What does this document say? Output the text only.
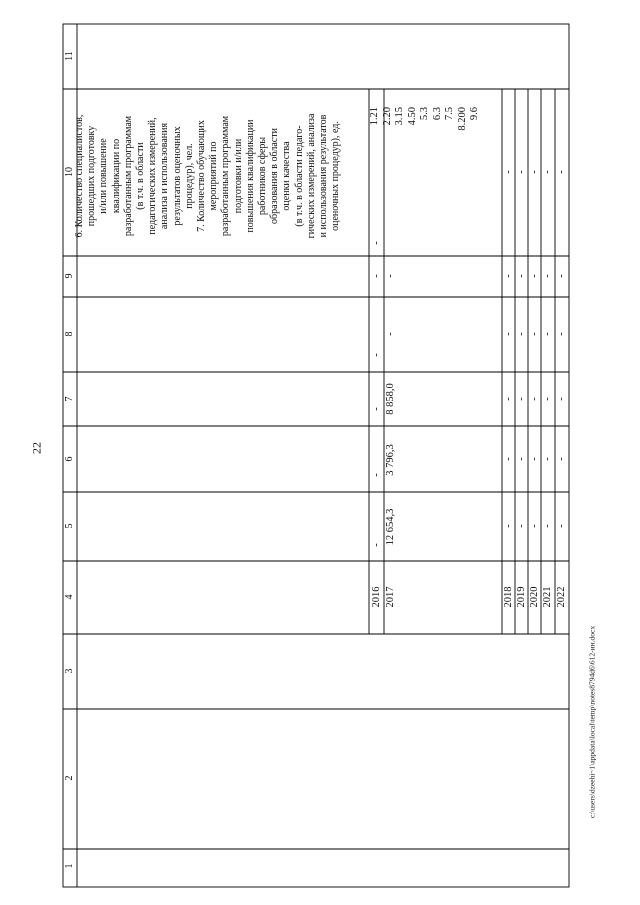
22
1
2
3
4
5
6
7
8
9
10
11
6. Количество специалистов, прошедших подготовку и/или повышение квалификации по разработанным программам (в т.ч. в области педагогических измерений, анализа и использования результатов оценочных процедур), чел. 7. Количество обучающих мероприятий по разработанным программам подготовки и/или повышения квалификации работников сферы образования в области оценки качества (в т.ч. в области педаго- гических измерений, анализа и использования результатов оценочных процедур), ед.
1.21 2.20 3.15 4.50 5.3 6.3 7.5 8.200 9.6
2016
-
-
-
-
-
-
2017
12 654,3
3 796,3
8 858,0
-
-
2018
-
-
-
-
-
-
2019
-
-
-
-
-
-
2020
-
-
-
-
-
-
2021
-
-
-
-
-
-
2022
-
-
-
-
-
-
c:\users\dzeehi~1\appdata\local\temp\notes8794d6\612-ин.docx
